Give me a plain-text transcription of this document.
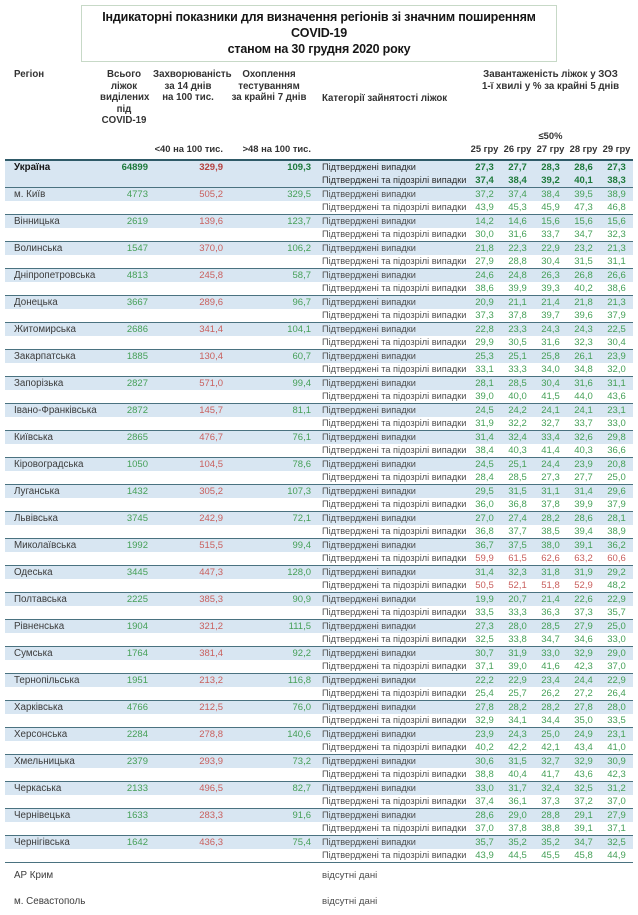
Індикаторні показники для визначення регіонів зі значним поширенням COVID-19
станом на 30 грудня 2020 року
Регіон	Всього ліжок
виділених
під COVID-19
Захворюваність
за 14 днів
на 100 тис.
Охоплення
тестуванням
за крайні 7 днів	Категорії зайнятості ліжок
Завантаженість ліжок у ЗОЗ
1-ї хвилі у % за крайні 5 днів
≤50%
<40 на 100 тис.	>48 на 100 тис.	25 гру 26 гру 27 гру 28 гру 29 гру
Україна	64899	329,9	109,3	Підтверджені випадки	27,3	27,7	28,3	28,6	27,3
Підтверджені та підозрілі випадки 37,4	38,4	39,2	40,1	38,3
м. Київ	4773	505,2	329,5	Підтверджені випадки	37,2	37,4	38,4	39,5	38,9
Підтверджені та підозрілі випадки 43,9	45,3	45,9	47,3	46,8
Вінницька	2619	139,6	123,7	Підтверджені випадки	14,2	14,6	15,6	15,6	15,6
Підтверджені та підозрілі випадки 30,0	31,6	33,7	34,7	32,3
Волинська	1547	370,0	106,2	Підтверджені випадки	21,8	22,3	22,9	23,2	21,3
Підтверджені та підозрілі випадки 27,9	28,8	30,4	31,5	31,1
Дніпропетровська	4813	245,8	58,7	Підтверджені випадки	24,6	24,8	26,3	26,8	26,6
Підтверджені та підозрілі випадки 38,6	39,9	39,3	40,2	38,6
Донецька	3667	289,6	96,7	Підтверджені випадки	20,9	21,1	21,4	21,8	21,3
Підтверджені та підозрілі випадки 37,3	37,8	39,7	39,6	37,9
Житомирська	2686	341,4	104,1	Підтверджені випадки	22,8	23,3	24,3	24,3	22,5
Підтверджені та підозрілі випадки 29,9	30,5	31,6	32,3	30,4
Закарпатська	1885	130,4	60,7	Підтверджені випадки	25,3	25,1	25,8	26,1	23,9
Підтверджені та підозрілі випадки 33,1	33,3	34,0	34,8	32,0
Запорізька	2827	571,0	99,4	Підтверджені випадки	28,1	28,5	30,4	31,6	31,1
Підтверджені та підозрілі випадки 39,0	40,0	41,5	44,0	43,6
Івано-Франківська	2872	145,7	81,1	Підтверджені випадки	24,5	24,2	24,1	24,1	23,1
Підтверджені та підозрілі випадки 31,9	32,2	32,7	33,7	33,0
Київська	2865	476,7	76,1	Підтверджені випадки	31,4	32,4	33,4	32,6	29,8
Підтверджені та підозрілі випадки 38,4	40,3	41,4	40,3	36,6
Кіровоградська	1050	104,5	78,6	Підтверджені випадки	24,5	25,1	24,4	23,9	20,8
Підтверджені та підозрілі випадки 28,4	28,5	27,3	27,7	25,0
Луганська	1432	305,2	107,3	Підтверджені випадки	29,5	31,5	31,1	31,4	29,6
Підтверджені та підозрілі випадки 36,0	36,8	37,8	39,9	37,9
Львівська	3745	242,9	72,1	Підтверджені випадки	27,0	27,4	28,2	28,6	28,1
Підтверджені та підозрілі випадки 36,8	37,7	38,5	39,4	38,9
Миколаївська	1992	515,5	99,4	Підтверджені випадки	36,7	37,5	38,0	39,1	36,2
Підтверджені та підозрілі випадки 59,9	61,5	62,6	63,2	60,6
Одеська	3445	447,3	128,0	Підтверджені випадки	31,4	32,3	31,8	31,9	29,2
Підтверджені та підозрілі випадки 50,5	52,1	51,8	52,9	48,2
Полтавська	2225	385,3	90,9	Підтверджені випадки	19,9	20,7	21,4	22,6	22,9
Підтверджені та підозрілі випадки 33,5	33,3	36,3	37,3	35,7
Рівненська	1904	321,2	111,5	Підтверджені випадки	27,3	28,0	28,5	27,9	25,0
Підтверджені та підозрілі випадки 32,5	33,8	34,7	34,6	33,0
Сумська	1764	381,4	92,2	Підтверджені випадки	30,7	31,9	33,0	32,9	29,0
Підтверджені та підозрілі випадки 37,1	39,0	41,6	42,3	37,0
Тернопільська	1951	213,2	116,8	Підтверджені випадки	22,2	22,9	23,4	24,4	22,9
Підтверджені та підозрілі випадки 25,4	25,7	26,2	27,2	26,4
Харківська	4766	212,5	76,0	Підтверджені випадки	27,8	28,2	28,2	27,8	28,0
Підтверджені та підозрілі випадки 32,9	34,1	34,4	35,0	33,5
Херсонська	2284	278,8	140,6	Підтверджені випадки	23,9	24,3	25,0	24,9	23,1
Підтверджені та підозрілі випадки 40,2	42,2	42,1	43,4	41,0
Хмельницька	2379	293,9	73,2	Підтверджені випадки	30,6	31,5	32,7	32,9	30,9
Підтверджені та підозрілі випадки 38,8	40,4	41,7	43,6	42,3
Черкаська	2133	496,5	82,7	Підтверджені випадки	33,0	31,7	32,4	32,5	31,2
Підтверджені та підозрілі випадки 37,4	36,1	37,3	37,2	37,0
Чернівецька	1633	283,3	91,6	Підтверджені випадки	28,6	29,0	28,8	29,1	27,9
Підтверджені та підозрілі випадки 37,0	37,8	38,8	39,1	37,1
Чернігівська	1642	436,3	75,4	Підтверджені випадки	35,7	35,2	35,2	34,7	32,5
Підтверджені та підозрілі випадки 43,9	44,5	45,5	45,8	44,9
АР Крим	відсутні дані
м. Севастополь	відсутні дані
